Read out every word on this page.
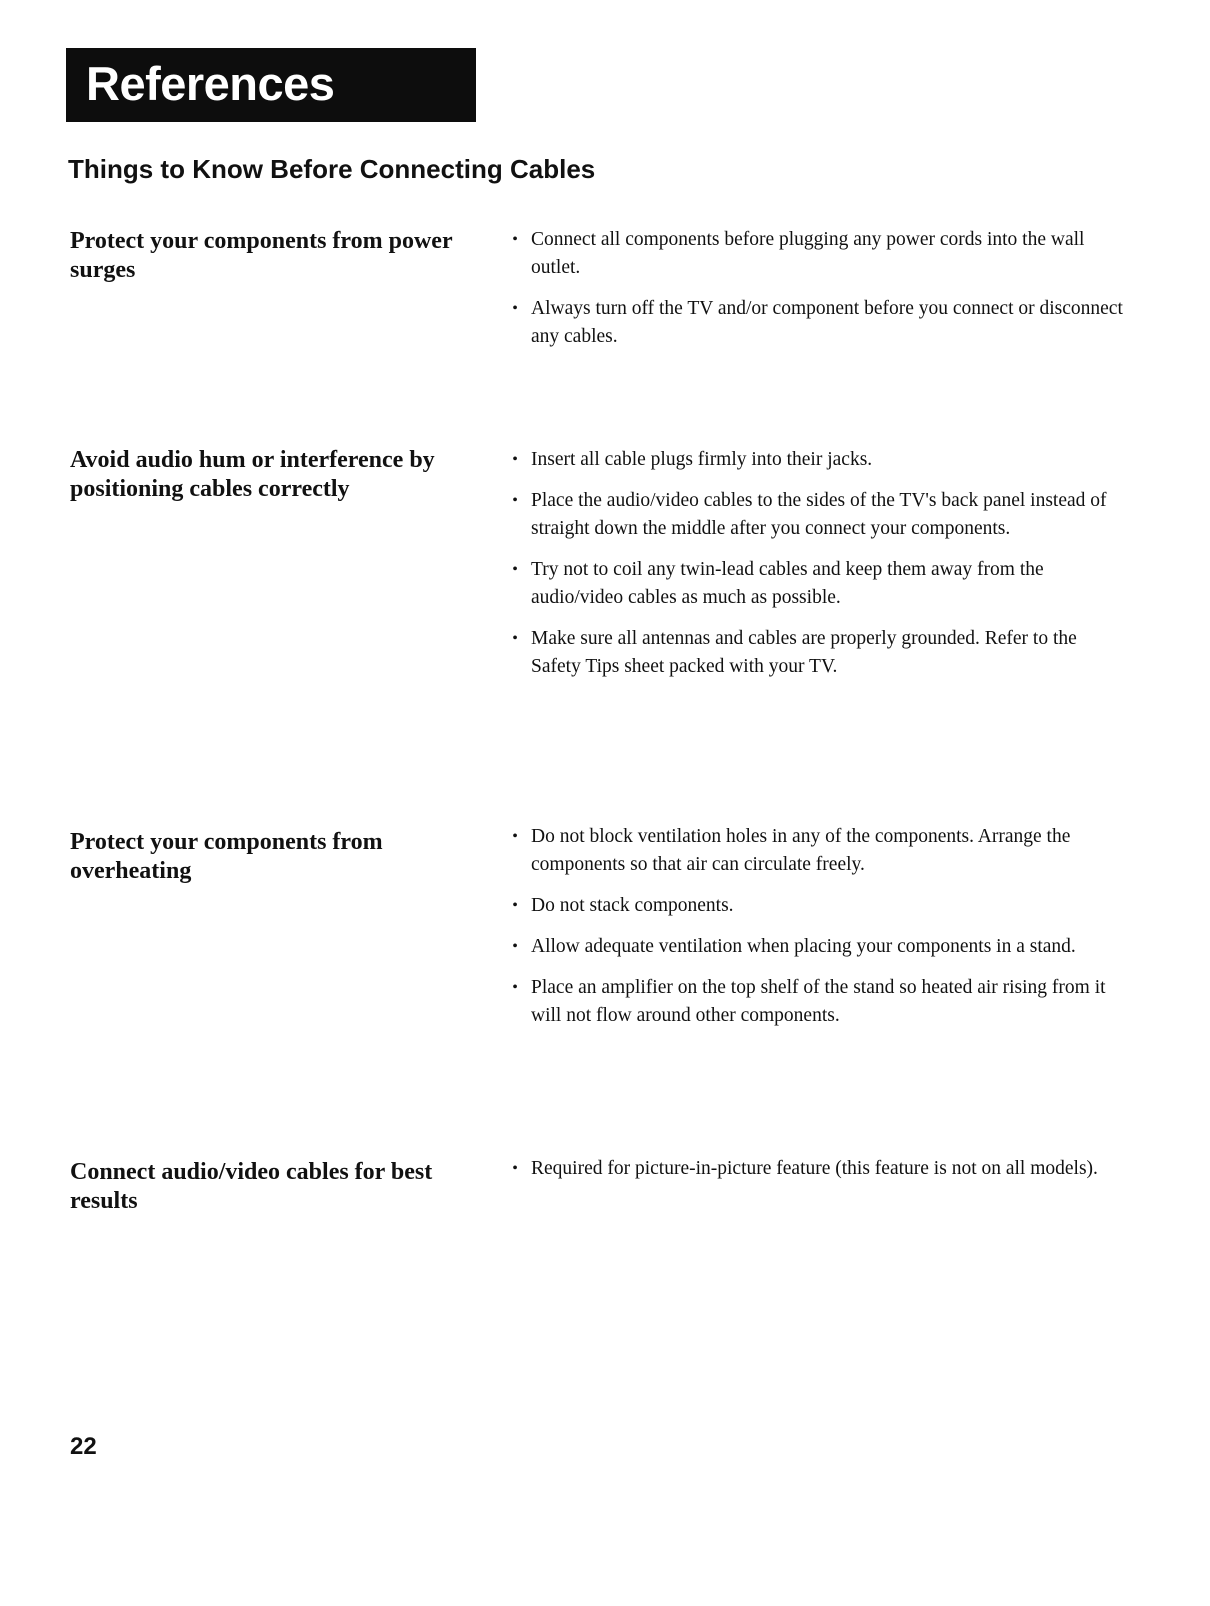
References
Things to Know Before Connecting Cables
Protect your components from power surges
• Connect all components before plugging any power cords into the wall outlet.
• Always turn off the TV and/or component before you connect or disconnect any cables.
Avoid audio hum or interference by positioning cables correctly
• Insert all cable plugs firmly into their jacks.
• Place the audio/video cables to the sides of the TV's back panel instead of straight down the middle after you connect your components.
• Try not to coil any twin-lead cables and keep them away from the audio/video cables as much as possible.
• Make sure all antennas and cables are properly grounded. Refer to the Safety Tips sheet packed with your TV.
Protect your components from overheating
• Do not block ventilation holes in any of the components. Arrange the components so that air can circulate freely.
• Do not stack components.
• Allow adequate ventilation when placing your components in a stand.
• Place an amplifier on the top shelf of the stand so heated air rising from it will not flow around other components.
Connect audio/video cables for best results
• Required for picture-in-picture feature (this feature is not on all models).
22
